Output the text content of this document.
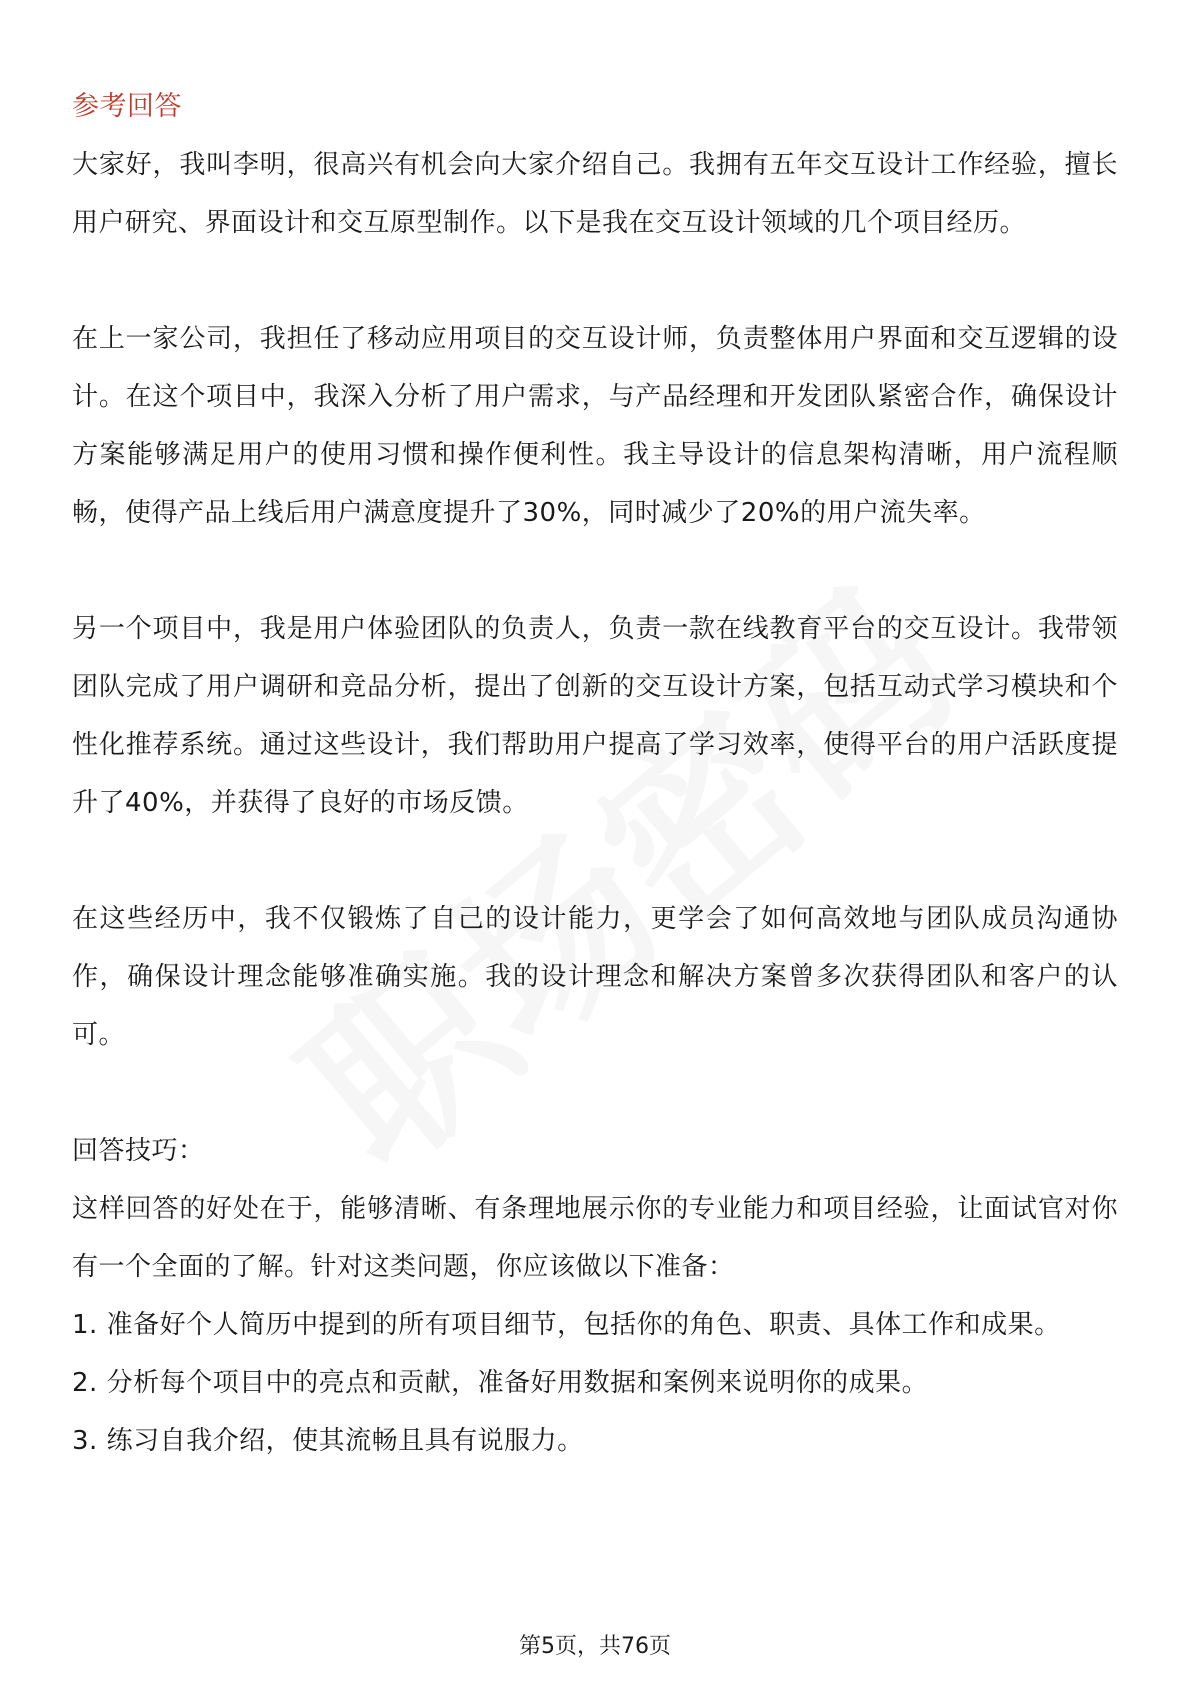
参考回答

大家好，我叫李明，很高兴有机会向大家介绍自己。我拥有五年交互设计工作经验，擅长用户研究、界面设计和交互原型制作。以下是我在交互设计领域的几个项目经历。

在上一家公司，我担任了移动应用项目的交互设计师，负责整体用户界面和交互逻辑的设计。在这个项目中，我深入分析了用户需求，与产品经理和开发团队紧密合作，确保设计方案能够满足用户的使用习惯和操作便利性。我主导设计的信息架构清晰，用户流程顺畅，使得产品上线后用户满意度提升了30%，同时减少了20%的用户流失率。

另一个项目中，我是用户体验团队的负责人，负责一款在线教育平台的交互设计。我带领团队完成了用户调研和竞品分析，提出了创新的交互设计方案，包括互动式学习模块和个性化推荐系统。通过这些设计，我们帮助用户提高了学习效率，使得平台的用户活跃度提升了40%，并获得了良好的市场反馈。

在这些经历中，我不仅锻炼了自己的设计能力，更学会了如何高效地与团队成员沟通协作，确保设计理念能够准确实施。我的设计理念和解决方案曾多次获得团队和客户的认可。

回答技巧：

这样回答的好处在于，能够清晰、有条理地展示你的专业能力和项目经验，让面试官对你有一个全面的了解。针对这类问题，你应该做以下准备：

1. 准备好个人简历中提到的所有项目细节，包括你的角色、职责、具体工作和成果。
2. 分析每个项目中的亮点和贡献，准备好用数据和案例来说明你的成果。
3. 练习自我介绍，使其流畅且具有说服力。
第5页，共76页
